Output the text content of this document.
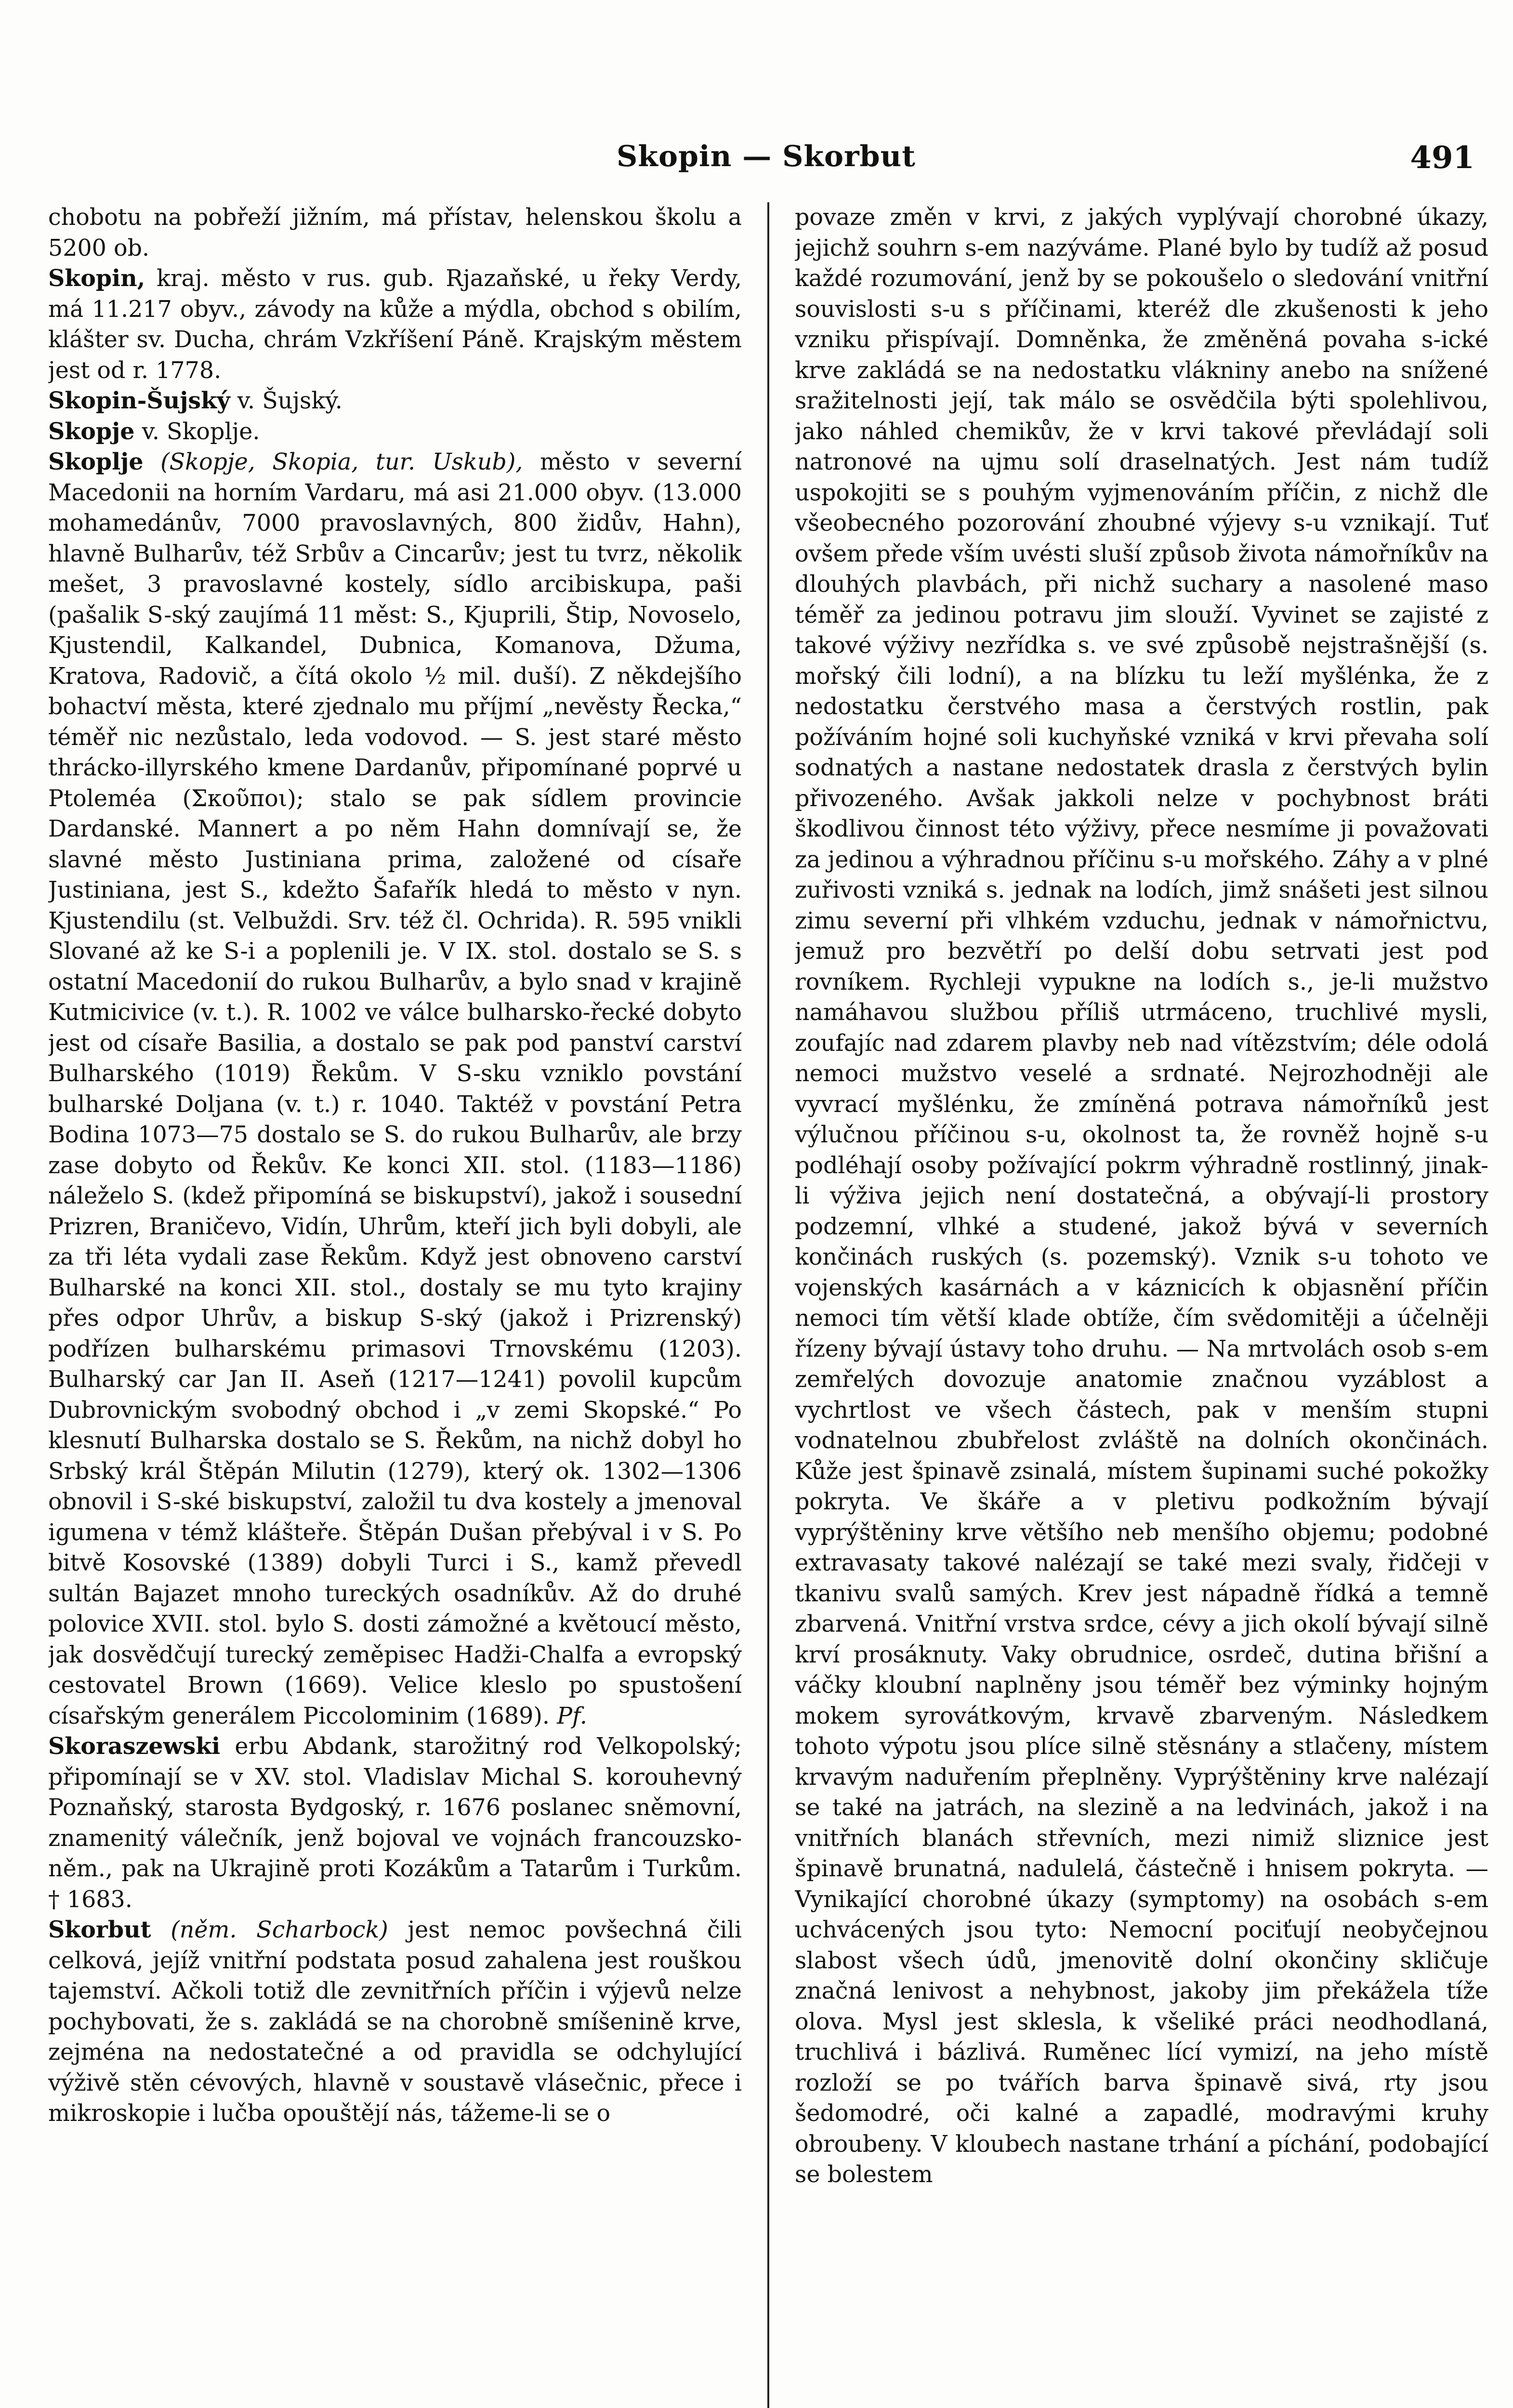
Skopin — Skorbut	491

chobotu na pobřeží jižním, má přístav, helenskou školu a 5200 ob.

Skopin, kraj. město v rus. gub. Rjazaňské, u řeky Verdy, má 11.217 obyv., závody na kůže a mýdla, obchod s obilím, klášter sv. Ducha, chrám Vzkříšení Páně. Krajským městem jest od r. 1778.

Skopin-Šujský v. Šujský.

Skopje v. Skoplje.

Skoplje (Skopje, Skopia, tur. Uskub), město v severní Macedonii na horním Vardaru, má asi 21.000 obyv. (13.000 mohamedánův, 7000 pravoslavných, 800 židův, Hahn), hlavně Bulharův, též Srbův a Cincarův; jest tu tvrz, několik mešet, 3 pravoslavné kostely, sídlo arcibiskupa, paši (pašalik S-ský zaujímá 11 měst: S., Kjuprili, Štip, Novoselo, Kjustendil, Kalkandel, Dubnica, Komanova, Džuma, Kratova, Radovič, a čítá okolo ½ mil. duší). Z někdejšího bohactví města, které zjednalo mu příjmí „nevěsty Řecka,“ téměř nic nezůstalo, leda vodovod. — S. jest staré město thrácko-illyrského kmene Dardanův, připomínané poprvé u Ptoleméa (Σκοῦποι); stalo se pak sídlem provincie Dardanské. Mannert a po něm Hahn domnívají se, že slavné město Justiniana prima, založené od císaře Justiniana, jest S., kdežto Šafařík hledá to město v nyn. Kjustendilu (st. Velbuždi. Srv. též čl. Ochrida). R. 595 vnikli Slované až ke S-i a poplenili je. V IX. stol. dostalo se S. s ostatní Macedonií do rukou Bulharův, a bylo snad v krajině Kutmicivice (v. t.). R. 1002 ve válce bulharsko-řecké dobyto jest od císaře Basilia, a dostalo se pak pod panství carství Bulharského (1019) Řekům. V S-sku vzniklo povstání bulharské Doljana (v. t.) r. 1040. Taktéž v povstání Petra Bodina 1073—75 dostalo se S. do rukou Bulharův, ale brzy zase dobyto od Řekův. Ke konci XII. stol. (1183—1186) náleželo S. (kdež připomíná se biskupství), jakož i sousední Prizren, Braničevo, Vidín, Uhrům, kteří jich byli dobyli, ale za tři léta vydali zase Řekům. Když jest obnoveno carství Bulharské na konci XII. stol., dostaly se mu tyto krajiny přes odpor Uhrův, a biskup S-ský (jakož i Prizrenský) podřízen bulharskému primasovi Trnovskému (1203). Bulharský car Jan II. Aseň (1217—1241) povolil kupcům Dubrovnickým svobodný obchod i „v zemi Skopské.“ Po klesnutí Bulharska dostalo se S. Řekům, na nichž dobyl ho Srbský král Štěpán Milutin (1279), který ok. 1302—1306 obnovil i S-ské biskupství, založil tu dva kostely a jmenoval igumena v témž klášteře. Štěpán Dušan přebýval i v S. Po bitvě Kosovské (1389) dobyli Turci i S., kamž převedl sultán Bajazet mnoho tureckých osadníkův. Až do druhé polovice XVII. stol. bylo S. dosti zámožné a květoucí město, jak dosvědčují turecký zeměpisec Hadži-Chalfa a evropský cestovatel Brown (1669). Velice kleslo po spustošení císařským generálem Piccolominim (1689). Pf.

Skoraszewski erbu Abdank, starožitný rod Velkopolský; připomínají se v XV. stol. Vladislav Michal S. korouhevný Poznaňský, starosta Bydgoský, r. 1676 poslanec sněmovní, znamenitý válečník, jenž bojoval ve vojnách francouzsko-něm., pak na Ukrajině proti Kozákům a Tatarům i Turkům. † 1683.

Skorbut (něm. Scharbock) jest nemoc povšechná čili celková, jejíž vnitřní podstata posud zahalena jest rouškou tajemství. Ačkoli totiž dle zevnitřních příčin i výjevů nelze pochybovati, že s. zakládá se na chorobně smíšenině krve, zejména na nedostatečné a od pravidla se odchylující výživě stěn cévových, hlavně v soustavě vlásečnic, přece i mikroskopie i lučba opouštějí nás, tážeme-li se o

povaze změn v krvi, z jakých vyplývají chorobné úkazy, jejichž souhrn s-em nazýváme. Plané bylo by tudíž až posud každé rozumování, jenž by se pokoušelo o sledování vnitřní souvislosti s-u s příčinami, kteréž dle zkušenosti k jeho vzniku přispívají. Domněnka, že změněná povaha s-ické krve zakládá se na nedostatku vlákniny anebo na snížené sražitelnosti její, tak málo se osvědčila býti spolehlivou, jako náhled chemikův, že v krvi takové převládají soli natronové na ujmu solí draselnatých. Jest nám tudíž uspokojiti se s pouhým vyjmenováním příčin, z nichž dle všeobecného pozorování zhoubné výjevy s-u vznikají. Tuť ovšem přede vším uvésti sluší způsob života námořníkův na dlouhých plavbách, při nichž suchary a nasolené maso téměř za jedinou potravu jim slouží. Vyvinet se zajisté z takové výživy nezřídka s. ve své způsobě nejstrašnější (s. mořský čili lodní), a na blízku tu leží myšlénka, že z nedostatku čerstvého masa a čerstvých rostlin, pak požíváním hojné soli kuchyňské vzniká v krvi převaha solí sodnatých a nastane nedostatek drasla z čerstvých bylin přivozeného. Avšak jakkoli nelze v pochybnost bráti škodlivou činnost této výživy, přece nesmíme ji považovati za jedinou a výhradnou příčinu s-u mořského. Záhy a v plné zuřivosti vzniká s. jednak na lodích, jimž snášeti jest silnou zimu severní při vlhkém vzduchu, jednak v námořnictvu, jemuž pro bezvětří po delší dobu setrvati jest pod rovníkem. Rychleji vypukne na lodích s., je-li mužstvo namáhavou službou příliš utrmáceno, truchlivé mysli, zoufajíc nad zdarem plavby neb nad vítězstvím; déle odolá nemoci mužstvo veselé a srdnaté. Nejrozhodněji ale vyvrací myšlénku, že zmíněná potrava námořníků jest výlučnou příčinou s-u, okolnost ta, že rovněž hojně s-u podléhají osoby požívající pokrm výhradně rostlinný, jinak-li výživa jejich není dostatečná, a obývají-li prostory podzemní, vlhké a studené, jakož bývá v severních končinách ruských (s. pozemský). Vznik s-u tohoto ve vojenských kasárnách a v káznicích k objasnění příčin nemoci tím větší klade obtíže, čím svědomitěji a účelněji řízeny bývají ústavy toho druhu. — Na mrtvolách osob s-em zemřelých dovozuje anatomie značnou vyzáblost a vychrtlost ve všech částech, pak v menším stupni vodnatelnou zbubřelost zvláště na dolních okončinách. Kůže jest špinavě zsinalá, místem šupinami suché pokožky pokryta. Ve škáře a v pletivu podkožním bývají vyprýštěniny krve většího neb menšího objemu; podobné extravasaty takové nalézají se také mezi svaly, řidčeji v tkanivu svalů samých. Krev jest nápadně řídká a temně zbarvená. Vnitřní vrstva srdce, cévy a jich okolí bývají silně krví prosáknuty. Vaky obrudnice, osrdeč, dutina břišní a váčky kloubní naplněny jsou téměř bez výminky hojným mokem syrovátkovým, krvavě zbarveným. Následkem tohoto výpotu jsou plíce silně stěsnány a stlačeny, místem krvavým naduřením přeplněny. Vyprýštěniny krve nalézají se také na jatrách, na slezině a na ledvinách, jakož i na vnitřních blanách střevních, mezi nimiž sliznice jest špinavě brunatná, nadulelá, částečně i hnisem pokryta. — Vynikající chorobné úkazy (symptomy) na osobách s-em uchvácených jsou tyto: Nemocní pociťují neobyčejnou slabost všech údů, jmenovitě dolní okončiny skličuje značná lenivost a nehybnost, jakoby jim překážela tíže olova. Mysl jest sklesla, k všeliké práci neodhodlaná, truchlivá i bázlivá. Ruměnec lící vymizí, na jeho místě rozloží se po tvářích barva špinavě sivá, rty jsou šedomodré, oči kalné a zapadlé, modravými kruhy obroubeny. V kloubech nastane trhání a píchání, podobající se bolestem
